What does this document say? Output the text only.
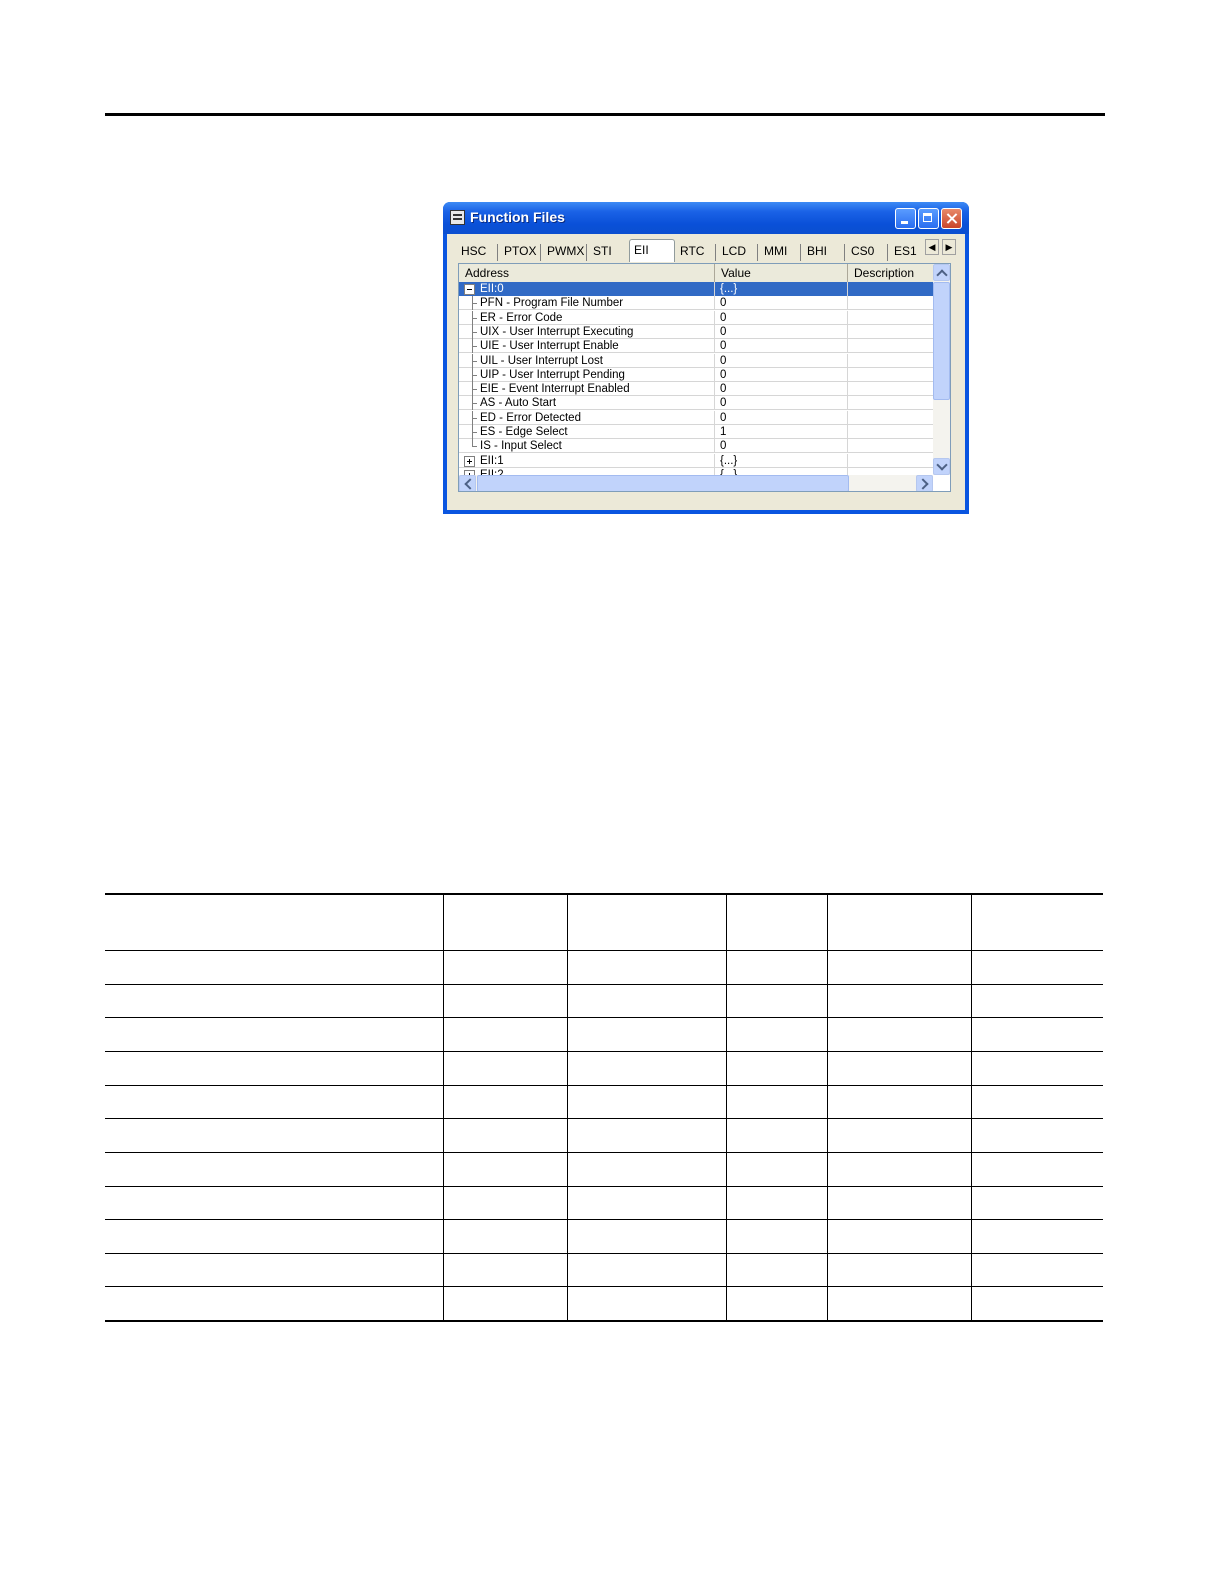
Function Files
HSC	PTOX PWMX STI	EII	RTC	LCD	MMI	BHI	CS0	ES1	◀	▶
Address	Value	Description
EII:0	{...}
PFN - Program File Number	0
ER - Error Code	0
UIX - User Interrupt Executing	0
UIE - User Interrupt Enable	0
UIL - User Interrupt Lost	0
UIP - User Interrupt Pending	0
EIE - Event Interrupt Enabled	0
AS - Auto Start	0
ED - Error Detected	0
ES - Edge Select	1
IS - Input Select	0
EII:1	{...}
